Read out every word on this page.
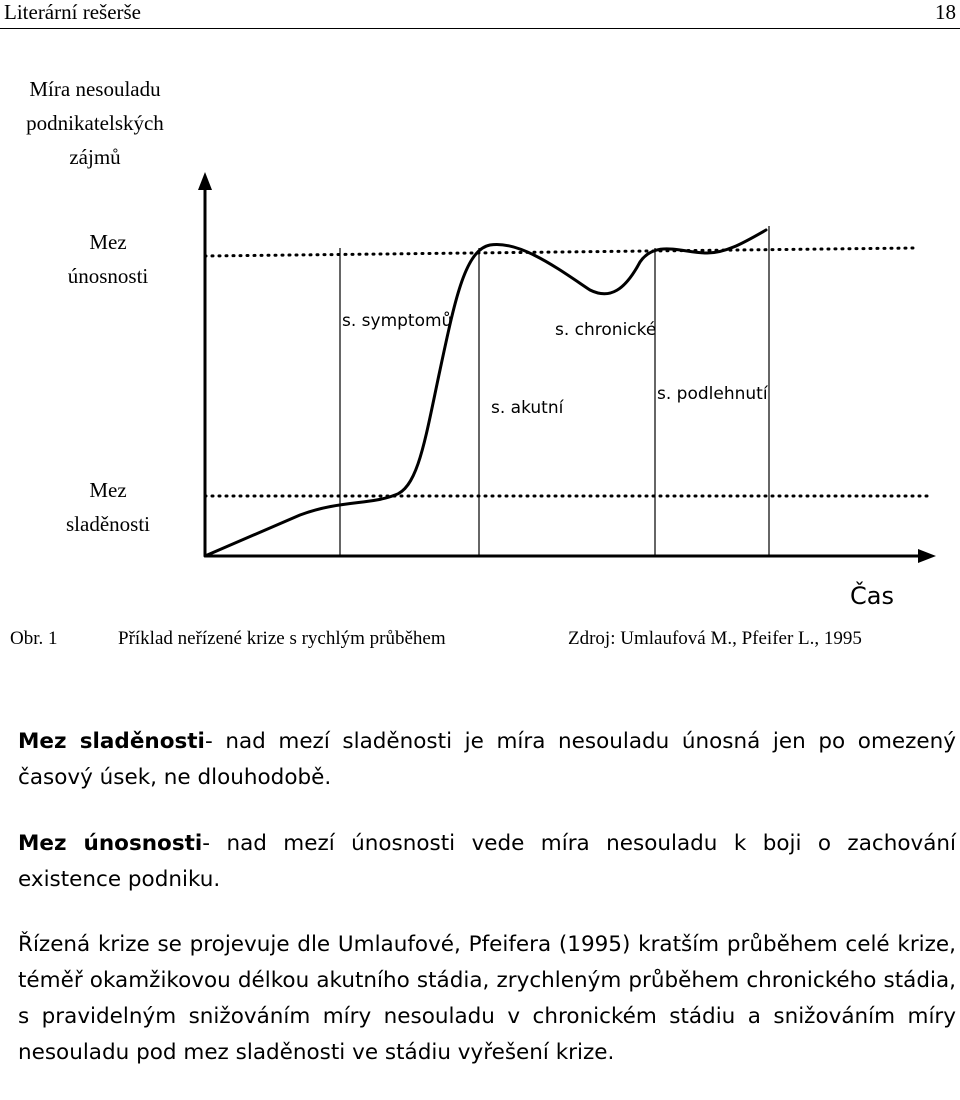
Literární rešerše	18
Míra nesouladu
podnikatelských
zájmů
Mez
únosnosti
Mez
sladěnosti
s. symptomů
s. akutní
s. chronické
s. podlehnutí
Čas
Obr. 1	Příklad neřízené krize s rychlým průběhem	Zdroj: Umlaufová M., Pfeifer L., 1995
Mez sladěnosti- nad mezí sladěnosti je míra nesouladu únosná jen po omezený časový úsek, ne dlouhodobě.
Mez únosnosti- nad mezí únosnosti vede míra nesouladu k boji o zachování existence podniku.
Řízená krize se projevuje dle Umlaufové, Pfeifera (1995) kratším průběhem celé krize, téměř okamžikovou délkou akutního stádia, zrychleným průběhem chronického stádia, s pravidelným snižováním míry nesouladu v chronickém stádiu a snižováním míry nesouladu pod mez sladěnosti ve stádiu vyřešení krize.
